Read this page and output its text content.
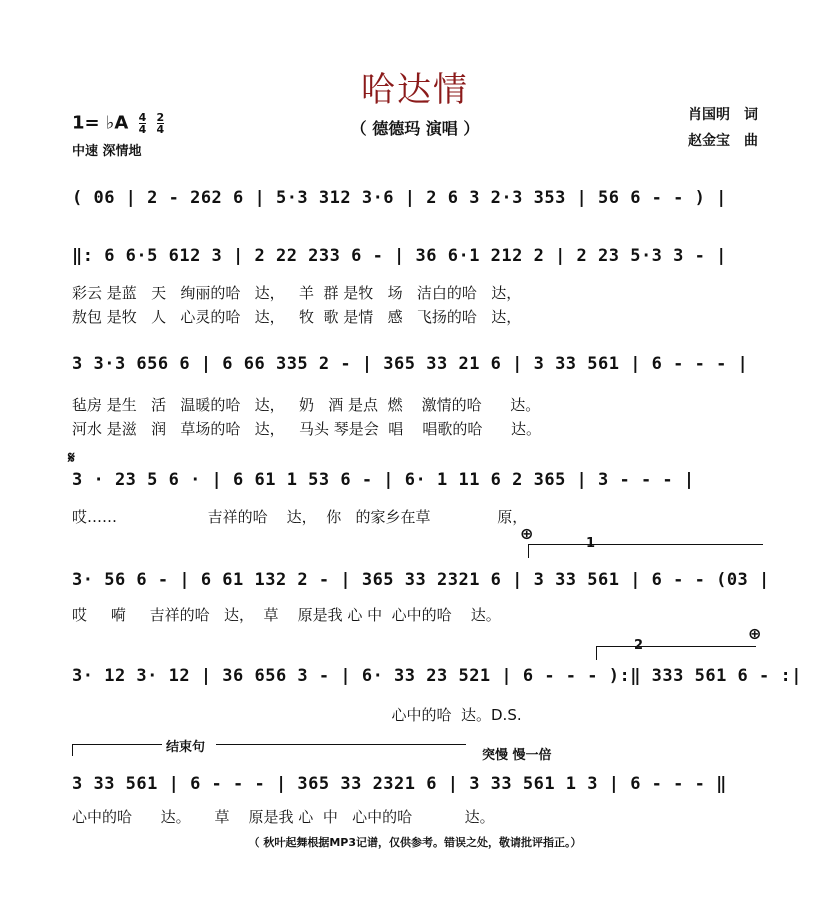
哈达情
（ 德德玛 演唱 ）
1= ♭A $\frac{4}{4}$
$\frac{2}{4}$
中速 深情地
肖国明　词
赵金宝　曲
( 06 | 2 - 262 6 | 5·3 312 3·6 | 2 6 3 2·3 353 | 56 6 - - ) |
‖: 6 6·5 612 3 | 2 22 233 6 - | 36 6·1 212 2 | 2 23 5·3 3 - |
彩云 是蓝   天   绚丽的哈   达，   羊  群 是牧   场   洁白的哈   达，
敖包 是牧   人   心灵的哈   达，   牧  歌 是情   感   飞扬的哈   达，
3 3·3 656 6 | 6 66 335 2 - | 365 33 21 6 | 3 33 561 | 6 - - - |
毡房 是生   活   温暖的哈   达，   奶   酒 是点  燃    激情的哈      达。
河水 是滋   润   草场的哈   达，   马头 琴是会  唱    唱歌的哈      达。
𝄋
3 · 23 5 6 · | 6 61 1 53 6 - | 6· 1 11 6 2 365 | 3 - - - |
哎……                   吉祥的哈    达，  你   的家乡在草              原，
⊕
1
3· 56 6 - | 6 61 132 2 - | 365 33 2321 6 | 3 33 561 | 6 - - (03 |
哎     嗬     吉祥的哈   达，  草    原是我 心 中  心中的哈    达。
2
⊕
3· 12 3· 12 | 36 656 3 - | 6· 33 23 521 | 6 - - - ):‖ 333 561 6 - :|
心中的哈  达。D.S.
结束句
突慢 慢一倍
3 33 561 | 6 - - - | 365 33 2321 6 | 3 33 561 1 3 | 6 - - - ‖
心中的哈      达。     草    原是我 心  中   心中的哈           达。
（ 秋叶起舞根据MP3记谱，仅供参考。错误之处，敬请批评指正。）
